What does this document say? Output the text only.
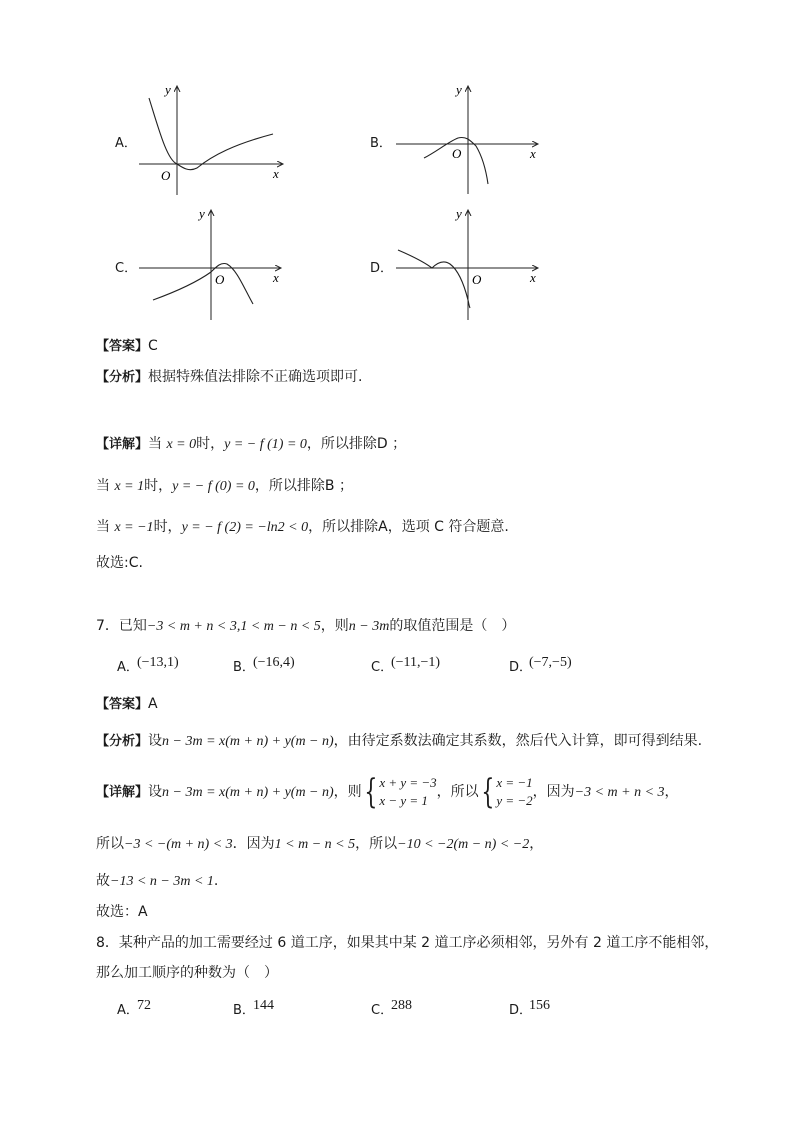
A．
O	x
y
B．
O	x
y
C．
O	x
y
D．
O	x
y
【答案】C
【分析】根据特殊值法排除不正确选项即可.
【详解】当 x = 0时，y = − f (1) = 0，所以排除D ；
当 x = 1时，y = − f (0) = 0，所以排除B ；
当 x = −1时，y = − f (2) = −ln2 < 0，所以排除A，选项 C 符合题意.
故选:C.
7．已知−3 < m + n < 3,1 < m − n < 5，则n − 3m的取值范围是（　）
A．
(−13,1)	B．
(−16,4)	C．
(−11,−1)	D．
(−7,−5)
【答案】A
【分析】设n − 3m = x(m + n) + y(m − n)，由待定系数法确定其系数，然后代入计算，即可得到结果.
【详解】设n − 3m = x(m + n) + y(m − n)，则{ x + y = −3
x − y = 1，所以{ x = −1
y = −2，因为−3 < m + n < 3，
所以−3 < −(m + n) < 3．因为1 < m − n < 5，所以−10 < −2(m − n) < −2，
故−13 < n − 3m < 1.
故选：A
8．某种产品的加工需要经过 6 道工序，如果其中某 2 道工序必须相邻，另外有 2 道工序不能相邻，
那么加工顺序的种数为（　）
A．
72	B．
144	C．
288	D．
156
